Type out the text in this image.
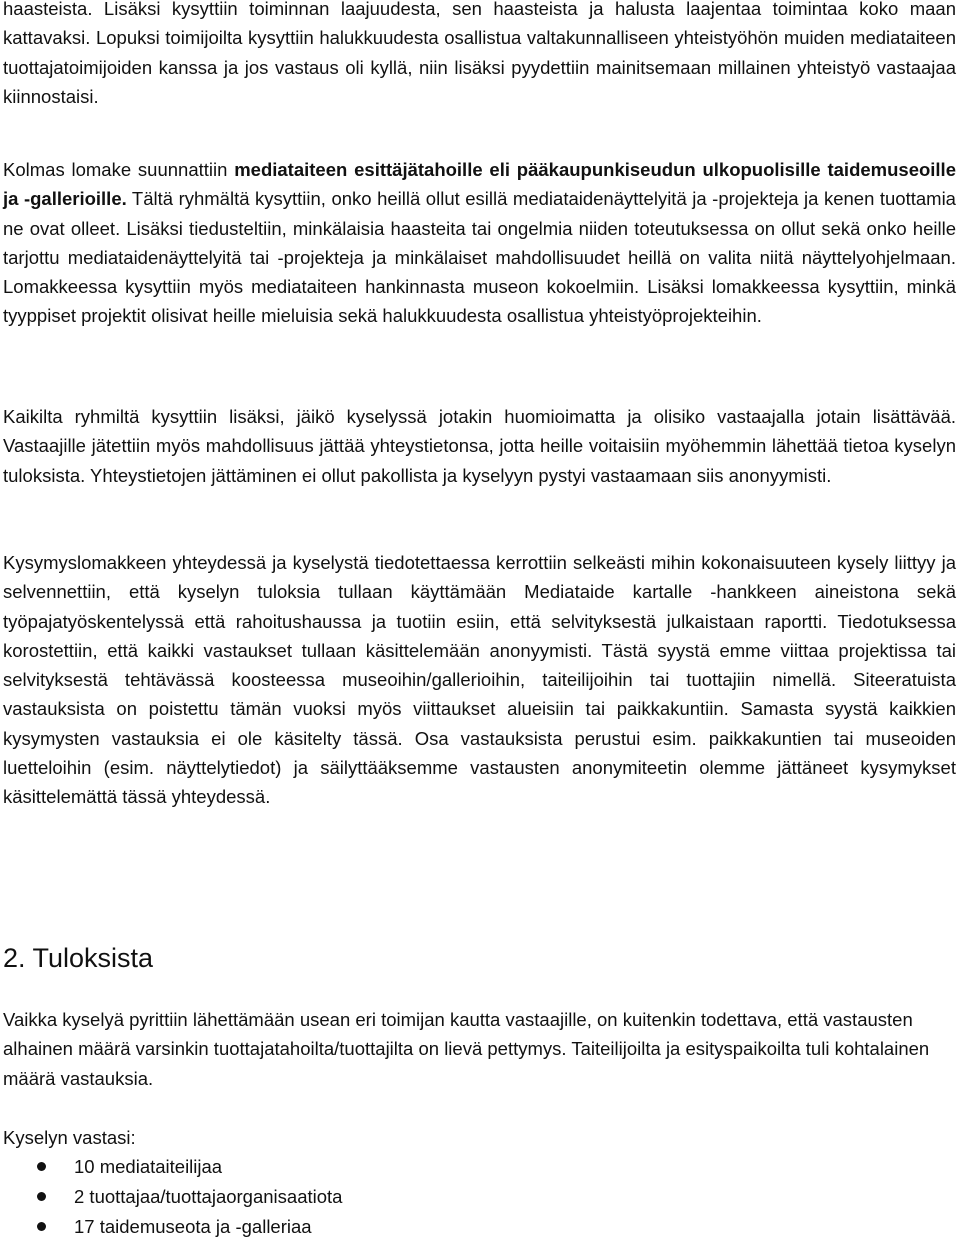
haasteista. Lisäksi kysyttiin toiminnan laajuudesta, sen haasteista ja halusta laajentaa toimintaa koko maan kattavaksi. Lopuksi toimijoilta kysyttiin halukkuudesta osallistua valtakunnalliseen yhteistyöhön muiden mediataiteen tuottajatoimijoiden kanssa ja jos vastaus oli kyllä, niin lisäksi pyydettiin mainitsemaan millainen yhteistyö vastaajaa kiinnostaisi.

Kolmas lomake suunnattiin mediataiteen esittäjätahoille eli pääkaupunkiseudun ulkopuolisille taidemuseoille ja -gallerioille. Tältä ryhmältä kysyttiin, onko heillä ollut esillä mediataidenäyttelyitä ja -projekteja ja kenen tuottamia ne ovat olleet. Lisäksi tiedusteltiin, minkälaisia haasteita tai ongelmia niiden toteutuksessa on ollut sekä onko heille tarjottu mediataidenäyttelyitä tai -projekteja ja minkälaiset mahdollisuudet heillä on valita niitä näyttelyohjelmaan. Lomakkeessa kysyttiin myös mediataiteen hankinnasta museon kokoelmiin. Lisäksi lomakkeessa kysyttiin, minkä tyyppiset projektit olisivat heille mieluisia sekä halukkuudesta osallistua yhteistyöprojekteihin.

Kaikilta ryhmiltä kysyttiin lisäksi, jäikö kyselyssä jotakin huomioimatta ja olisiko vastaajalla jotain lisättävää. Vastaajille jätettiin myös mahdollisuus jättää yhteystietonsa, jotta heille voitaisiin myöhemmin lähettää tietoa kyselyn tuloksista. Yhteystietojen jättäminen ei ollut pakollista ja kyselyyn pystyi vastaamaan siis anonyymisti.

Kysymyslomakkeen yhteydessä ja kyselystä tiedotettaessa kerrottiin selkeästi mihin kokonaisuuteen kysely liittyy ja selvennettiin, että kyselyn tuloksia tullaan käyttämään Mediataide kartalle -hankkeen aineistona sekä työpajatyöskentelyssä että rahoitushaussa ja tuotiin esiin, että selvityksestä julkaistaan raportti. Tiedotuksessa korostettiin, että kaikki vastaukset tullaan käsittelemään anonyymisti. Tästä syystä emme viittaa projektissa tai selvityksestä tehtävässä koosteessa museoihin/gallerioihin, taiteilijoihin tai tuottajiin nimellä. Siteeratuista vastauksista on poistettu tämän vuoksi myös viittaukset alueisiin tai paikkakuntiin. Samasta syystä kaikkien kysymysten vastauksia ei ole käsitelty tässä. Osa vastauksista perustui esim. paikkakuntien tai museoiden luetteloihin (esim. näyttelytiedot) ja säilyttääksemme vastausten anonymiteetin olemme jättäneet kysymykset käsittelemättä tässä yhteydessä.

2. Tuloksista

Vaikka kyselyä pyrittiin lähettämään usean eri toimijan kautta vastaajille, on kuitenkin todettava, että vastausten alhainen määrä varsinkin tuottajatahoilta/tuottajilta on lievä pettymys. Taiteilijoilta ja esityspaikoilta tuli kohtalainen määrä vastauksia.

Kyselyn vastasi:

10 mediataiteilijaa
2 tuottajaa/tuottajaorganisaatiota
17 taidemuseota ja -galleriaa
